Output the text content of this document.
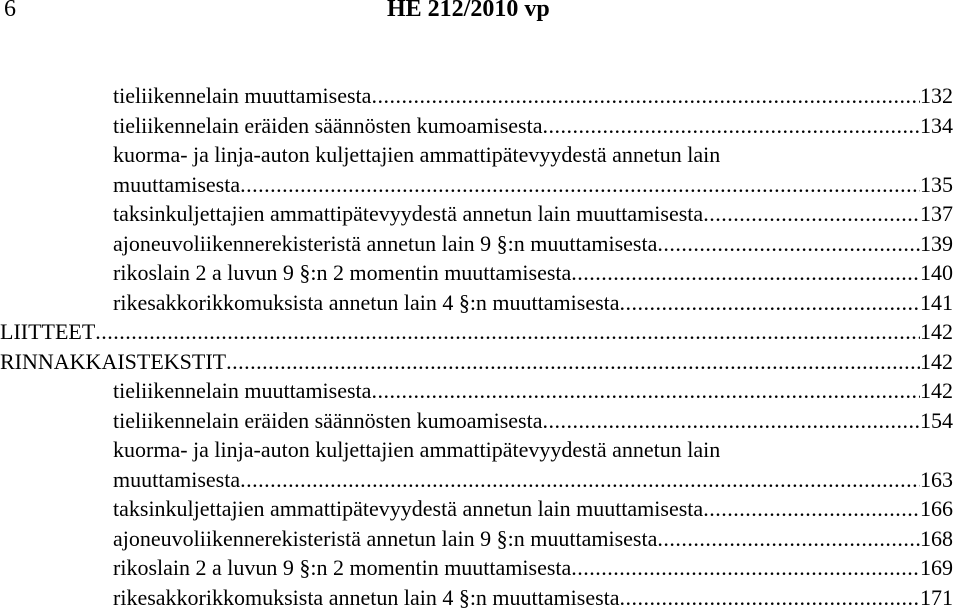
6	HE 212/2010 vp
tieliikennelain muuttamisesta .....	132
tieliikennelain eräiden säännösten kumoamisesta .....	134
kuorma- ja linja-auton kuljettajien ammattipätevyydestä annetun lain
muuttamisesta .....	135
taksinkuljettajien ammattipätevyydestä annetun lain muuttamisesta .....	137
ajoneuvoliikennerekisteristä annetun lain 9 §:n muuttamisesta .....	139
rikoslain 2 a luvun 9 §:n 2 momentin muuttamisesta .....	140
rikesakkorikkomuksista annetun lain 4 §:n muuttamisesta .....	141
LIITTEET .....	142
RINNAKKAISTEKSTIT .....	142
tieliikennelain muuttamisesta .....	142
tieliikennelain eräiden säännösten kumoamisesta .....	154
kuorma- ja linja-auton kuljettajien ammattipätevyydestä annetun lain
muuttamisesta .....	163
taksinkuljettajien ammattipätevyydestä annetun lain muuttamisesta .....	166
ajoneuvoliikennerekisteristä annetun lain 9 §:n muuttamisesta .....	168
rikoslain 2 a luvun 9 §:n 2 momentin muuttamisesta .....	169
rikesakkorikkomuksista annetun lain 4 §:n muuttamisesta .....	171
